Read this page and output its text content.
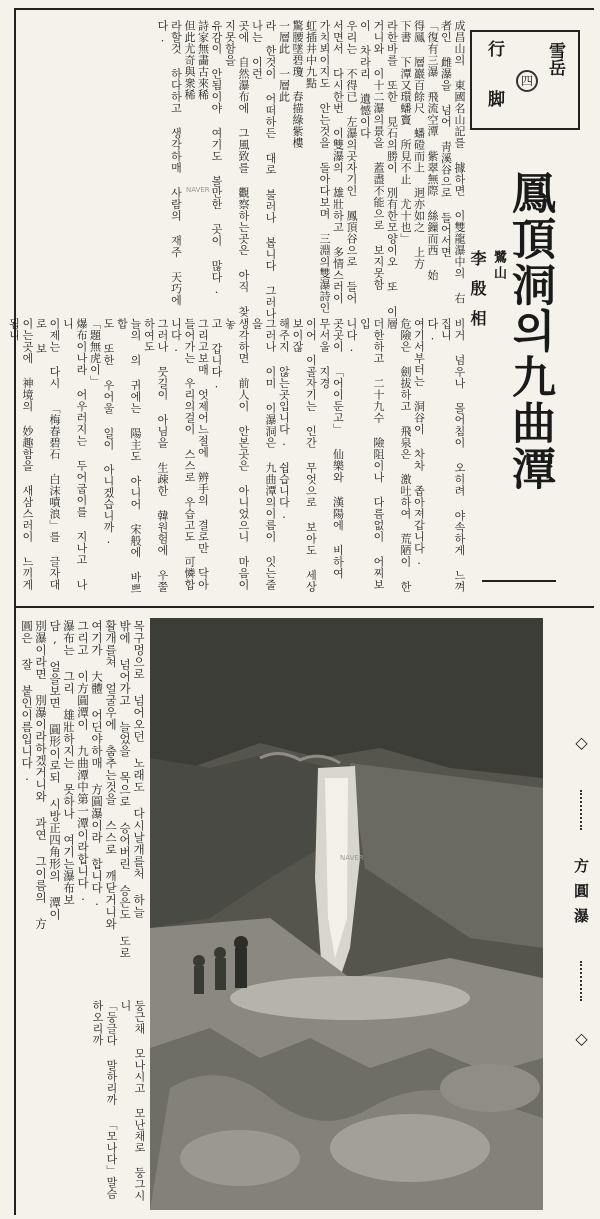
雪岳
行
脚
四
鳳頂洞의九曲潭
鷺山
李殷相
成昌山의 東國名山記를 據하면 이雙龍瀑中의 右
者인 雌瀑을 넘어 靑溪谷으로 들어서면
「復有三瀑 飛流空潭 紫翠無際 絲鏁而西 始
得鳳 層巖百餘尺 蟠磴而上 迥亦如之 上方
下書 下潭又環蟠竇 所見不止 尤十也」
라한바를 또한 見石의勝이 別有한모양이오 또 이
거니와 이十二瀑의景을 蓋盡不能으로 보지못함
이 차라리 遺憾이다
우리는 不得已 左瀑의곳자기인 鳳頂谷으로 들어
서면서 다시한번 이雙瀑의 雄壯하고 多情스러이
가치뵈이지도 안는것을 돌아다보며 三淵의雙瀑詩인
虹插井中九點
驚腰墜碧瓊 春描綠紫樓
一層此 一層此
라 한것이 어떠하든 대로 불러나 봅니다 그러나 나는 이런
곳에 自然瀑布에 그風致를 觀察하는곳은 아직 찾지못함을
유감이 안됨이야 여기도 볼만한 곳이 많다.
詩家無畵古來稀
但此尤奇與衆稀
라할것 하다하고 생각하매 사람의 재주 天巧에
다.
비거 넘우나 몰어침이 오히려 야속하게 느껴집니
다.
여기서부터는 洞谷이 차차 좁아져갑니다.
危險은 劍拔하고 飛泉은 激吐하여 荒陋이 한層
더한하고 二十九수 險阻이나 다름없이 어찌보입
니다.
곳곳이 「어이둔고」 仙樂와 漢陽에 비하여 무서울 지경
이어 이골자기는 인간 무엇으로 보아도 세상 보이잖
해주지 않는곳입니다. 쉽습니다.
그러나 이미 이瀑洞은 九曲潭의이름이 잇는줄을
생각하면 前人이 안본곳은 아니었으니 마음이 놓
고 갑니다.
그리고보매 엇제어느절에 辨手의 결로만 닥아
들어가는 우리의걸이 스스로 우습고도 可憐합니다.
그러나 뭇길이 아님을 生疎한 韓원험에 우쭐하여도
늘의 의 귀에는 陽主도 아니어 宋般에 바쁘합
도 또한 우어울 일이 아니겠습니까.
「題無虎이」
爆布이나라 어우러지는 두어굽이를 지나고 나니
이제는 다시 「梅春碧石 白沫噴浪」를 글자대로 보
이는곳에 神境의 妙趣함을 새삼스러이 느끼게됩니
목구멍으로 넘어오던 노래도 다시날개를처 하늘
밖에 넘어가고 늘었을 목으로 승어버린 승은도 도로
활개를쳐 얼굴우에 춤추는것을 스스로 깨닫거니와
여기가 大體 어딘야하매 方圓瀑이라 합니다.
그리고 이方圓潭이 九曲潭中第一潭이라합니다.
瀑布는 그리 雄壯하지는 못하나 여기는瀑布보
담, 얼을보면 圓形이로되 시방正四角形의 潭이
別瀑이라면 別瀑이라하겠거니와 과연 그이름의 方
圓은 잘 붙인이름입니다.
NAVER
◇  方圓瀑  ◇
둥근채 모나시고 모난채로 둥그시니
「둥글다 말하리까 「모나다」말슴 하오리까
NAVER
